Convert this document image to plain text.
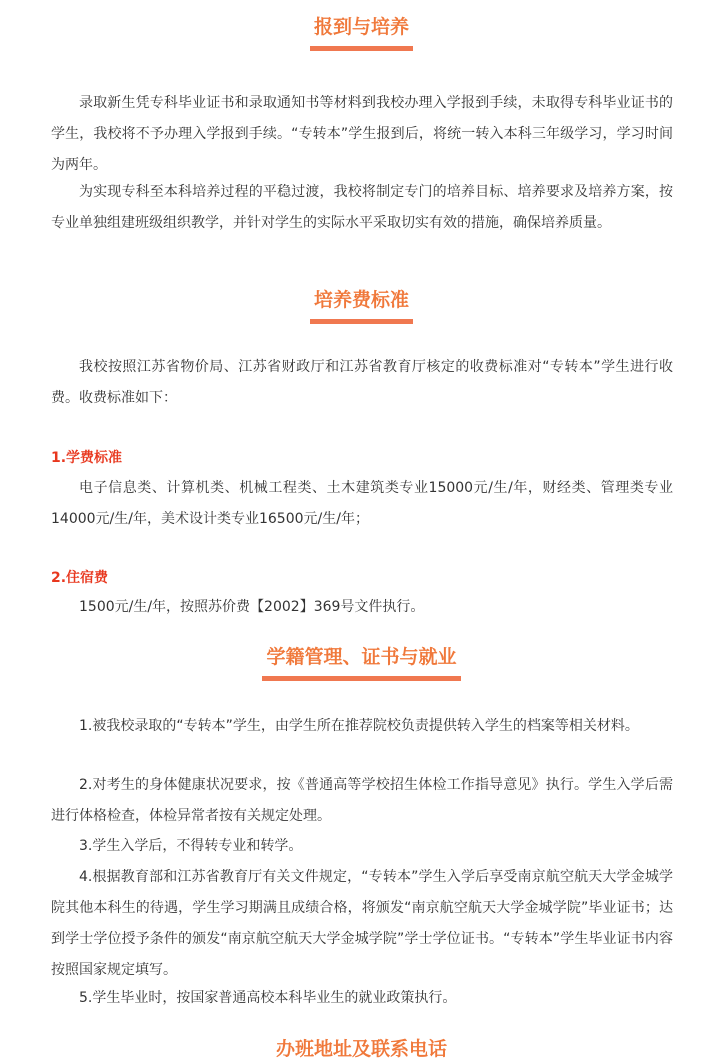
报到与培养

录取新生凭专科毕业证书和录取通知书等材料到我校办理入学报到手续，未取得专科毕业证书的学生，我校将不予办理入学报到手续。“专转本”学生报到后，将统一转入本科三年级学习，学习时间为两年。

为实现专科至本科培养过程的平稳过渡，我校将制定专门的培养目标、培养要求及培养方案，按专业单独组建班级组织教学，并针对学生的实际水平采取切实有效的措施，确保培养质量。

培养费标准

我校按照江苏省物价局、江苏省财政厅和江苏省教育厅核定的收费标准对“专转本”学生进行收费。收费标准如下：

1.学费标准

电子信息类、计算机类、机械工程类、土木建筑类专业15000元/生/年，财经类、管理类专业14000元/生/年，美术设计类专业16500元/生/年；

2.住宿费

1500元/生/年，按照苏价费【2002】369号文件执行。

学籍管理、证书与就业

1.被我校录取的“专转本”学生，由学生所在推荐院校负责提供转入学生的档案等相关材料。

2.对考生的身体健康状况要求，按《普通高等学校招生体检工作指导意见》执行。学生入学后需进行体格检查，体检异常者按有关规定处理。

3.学生入学后，不得转专业和转学。

4.根据教育部和江苏省教育厅有关文件规定，“专转本”学生入学后享受南京航空航天大学金城学院其他本科生的待遇，学生学习期满且成绩合格，将颁发“南京航空航天大学金城学院”毕业证书；达到学士学位授予条件的颁发“南京航空航天大学金城学院”学士学位证书。“专转本”学生毕业证书内容按照国家规定填写。

5.学生毕业时，按国家普通高校本科毕业生的就业政策执行。

办班地址及联系电话
